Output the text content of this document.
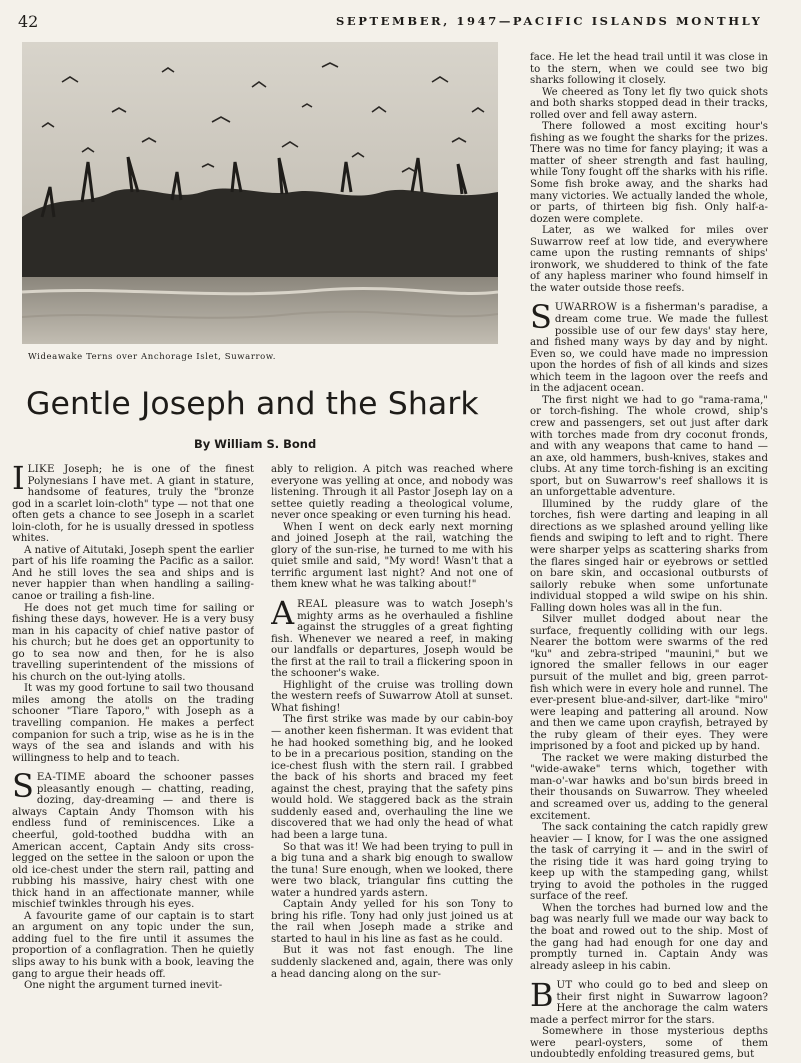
42	SEPTEMBER, 1947—PACIFIC ISLANDS MONTHLY
Wideawake Terns over Anchorage Islet, Suwarrow.
Gentle Joseph and the Shark
By William S. Bond

I LIKE Joseph; he is one of the finest Polynesians I have met. A giant in stature, handsome of features, truly the "bronze god in a scarlet loin-cloth" type — not that one often gets a chance to see Joseph in a scarlet loin-cloth, for he is usually dressed in spotless whites.

A native of Aitutaki, Joseph spent the earlier part of his life roaming the Pacific as a sailor. And he still loves the sea and ships and is never happier than when handling a sailing-canoe or trailing a fish-line.

He does not get much time for sailing or fishing these days, however. He is a very busy man in his capacity of chief native pastor of his church; but he does get an opportunity to go to sea now and then, for he is also travelling superintendent of the missions of his church on the out-lying atolls.

It was my good fortune to sail two thousand miles among the atolls on the trading schooner "Tiare Taporo," with Joseph as a travelling companion. He makes a perfect companion for such a trip, wise as he is in the ways of the sea and islands and with his willingness to help and to teach.

SEA-TIME aboard the schooner passes pleasantly enough — chatting, reading, dozing, day-dreaming — and there is always Captain Andy Thomson with his endless fund of reminiscences. Like a cheerful, gold-toothed buddha with an American accent, Captain Andy sits cross-legged on the settee in the saloon or upon the old ice-chest under the stern rail, patting and rubbing his massive, hairy chest with one thick hand in an affectionate manner, while mischief twinkles through his eyes.

A favourite game of our captain is to start an argument on any topic under the sun, adding fuel to the fire until it assumes the proportion of a conflagration. Then he quietly slips away to his bunk with a book, leaving the gang to argue their heads off.

One night the argument turned inevit-

ably to religion. A pitch was reached where everyone was yelling at once, and nobody was listening. Through it all Pastor Joseph lay on a settee quietly reading a theological volume, never once speaking or even turning his head.

When I went on deck early next morning and joined Joseph at the rail, watching the glory of the sun-rise, he turned to me with his quiet smile and said, "My word! Wasn't that a terrific argument last night? And not one of them knew what he was talking about!"

A REAL pleasure was to watch Joseph's mighty arms as he overhauled a fishline against the struggles of a great fighting fish. Whenever we neared a reef, in making our landfalls or departures, Joseph would be the first at the rail to trail a flickering spoon in the schooner's wake.

Highlight of the cruise was trolling down the western reefs of Suwarrow Atoll at sunset. What fishing!

The first strike was made by our cabin-boy — another keen fisherman. It was evident that he had hooked something big, and he looked to be in a precarious position, standing on the ice-chest flush with the stern rail. I grabbed the back of his shorts and braced my feet against the chest, praying that the safety pins would hold. We staggered back as the strain suddenly eased and, overhauling the line we discovered that we had only the head of what had been a large tuna.

So that was it! We had been trying to pull in a big tuna and a shark big enough to swallow the tuna! Sure enough, when we looked, there were two black, triangular fins cutting the water a hundred yards astern.

Captain Andy yelled for his son Tony to bring his rifle. Tony had only just joined us at the rail when Joseph made a strike and started to haul in his line as fast as he could.

But it was not fast enough. The line suddenly slackened and, again, there was only a head dancing along on the sur-

face. He let the head trail until it was close in to the stern, when we could see two big sharks following it closely.

We cheered as Tony let fly two quick shots and both sharks stopped dead in their tracks, rolled over and fell away astern.

There followed a most exciting hour's fishing as we fought the sharks for the prizes. There was no time for fancy playing; it was a matter of sheer strength and fast hauling, while Tony fought off the sharks with his rifle. Some fish broke away, and the sharks had many victories. We actually landed the whole, or parts, of thirteen big fish. Only half-a-dozen were complete.

Later, as we walked for miles over Suwarrow reef at low tide, and everywhere came upon the rusting remnants of ships' ironwork, we shuddered to think of the fate of any hapless mariner who found himself in the water outside those reefs.

SUWARROW is a fisherman's paradise, a dream come true. We made the fullest possible use of our few days' stay here, and fished many ways by day and by night. Even so, we could have made no impression upon the hordes of fish of all kinds and sizes which teem in the lagoon over the reefs and in the adjacent ocean.

The first night we had to go "rama-rama," or torch-fishing. The whole crowd, ship's crew and passengers, set out just after dark with torches made from dry coconut fronds, and with any weapons that came to hand — an axe, old hammers, bush-knives, stakes and clubs. At any time torch-fishing is an exciting sport, but on Suwarrow's reef shallows it is an unforgettable adventure.

Illumined by the ruddy glare of the torches, fish were darting and leaping in all directions as we splashed around yelling like fiends and swiping to left and to right. There were sharper yelps as scattering sharks from the flares singed hair or eyebrows or settled on bare skin, and occasional outbursts of sailorly rebuke when some unfortunate individual stopped a wild swipe on his shin. Falling down holes was all in the fun.

Silver mullet dodged about near the surface, frequently colliding with our legs. Nearer the bottom were swarms of the red "ku" and zebra-striped "maunini," but we ignored the smaller fellows in our eager pursuit of the mullet and big, green parrot-fish which were in every hole and runnel. The ever-present blue-and-silver, dart-like "miro" were leaping and pattering all around. Now and then we came upon crayfish, betrayed by the ruby gleam of their eyes. They were imprisoned by a foot and picked up by hand.

The racket we were making disturbed the "wide-awake" terns which, together with man-o'-war hawks and bo'sun birds breed in their thousands on Suwarrow. They wheeled and screamed over us, adding to the general excitement.

The sack containing the catch rapidly grew heavier — I know, for I was the one assigned the task of carrying it — and in the swirl of the rising tide it was hard going trying to keep up with the stampeding gang, whilst trying to avoid the potholes in the rugged surface of the reef.

When the torches had burned low and the bag was nearly full we made our way back to the boat and rowed out to the ship. Most of the gang had had enough for one day and promptly turned in. Captain Andy was already asleep in his cabin.

BUT who could go to bed and sleep on their first night in Suwarrow lagoon? Here at the anchorage the calm waters made a perfect mirror for the stars.

Somewhere in those mysterious depths were pearl-oysters, some of them undoubtedly enfolding treasured gems, but
